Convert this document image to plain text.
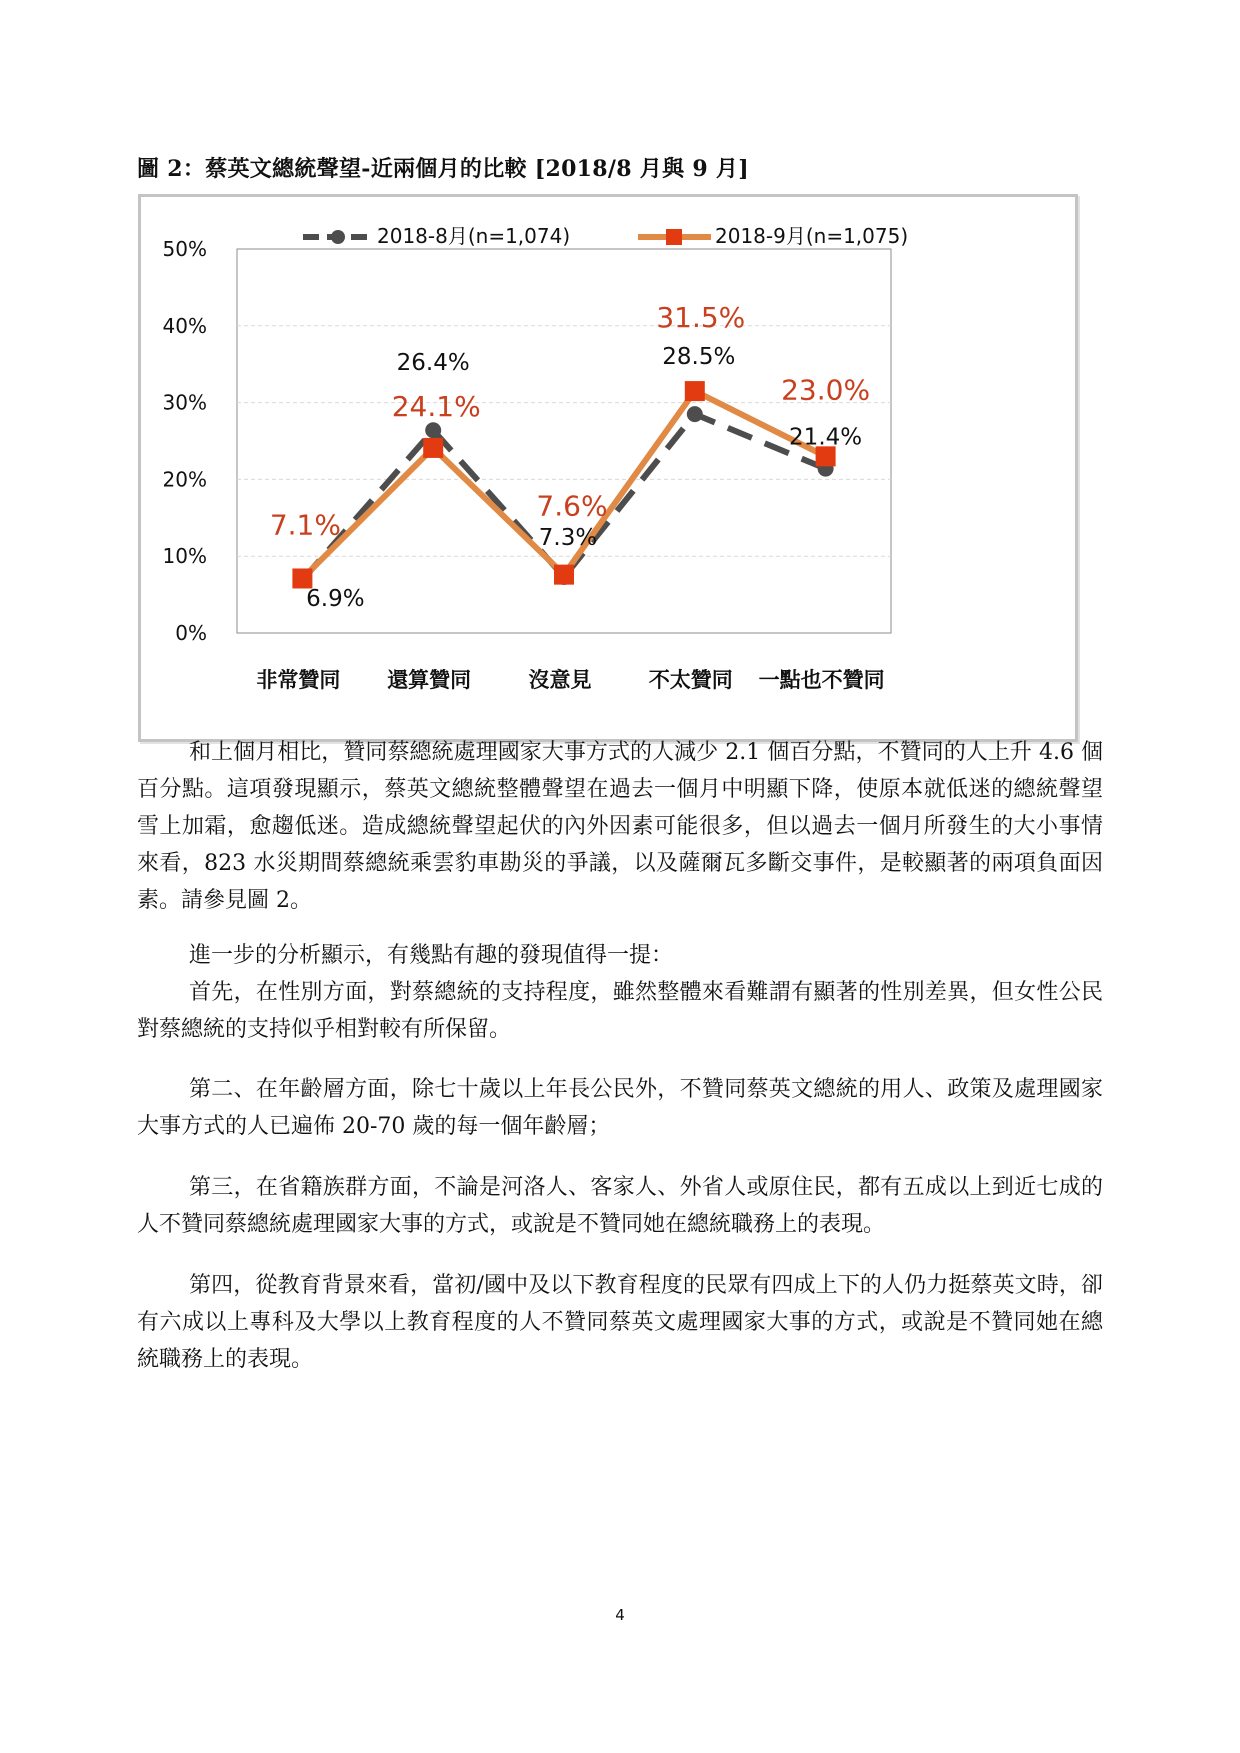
圖 2：蔡英文總統聲望-近兩個月的比較 [2018/8 月與 9 月]
0%
10%
20%
30%
40%
50%
非常贊同 還算贊同	沒意見	不太贊同 一點也不贊同
6.9%
26.4%
7.3%
28.5%
21.4%
7.1%
24.1%
7.6%
31.5%
23.0%
2018-8月(n=1,074)	2018-9月(n=1,075)

和上個月相比，贊同蔡總統處理國家大事方式的人減少 2.1 個百分點，不贊同的人上升 4.6 個百分點。這項發現顯示，蔡英文總統整體聲望在過去一個月中明顯下降，使原本就低迷的總統聲望雪上加霜，愈趨低迷。造成總統聲望起伏的內外因素可能很多，但以過去一個月所發生的大小事情來看，823 水災期間蔡總統乘雲豹車勘災的爭議，以及薩爾瓦多斷交事件，是較顯著的兩項負面因素。請參見圖 2。

進一步的分析顯示，有幾點有趣的發現值得一提：

首先，在性別方面，對蔡總統的支持程度，雖然整體來看難謂有顯著的性別差異，但女性公民對蔡總統的支持似乎相對較有所保留。

第二、在年齡層方面，除七十歲以上年長公民外，不贊同蔡英文總統的用人、政策及處理國家大事方式的人已遍佈 20-70 歲的每一個年齡層；

第三，在省籍族群方面，不論是河洛人、客家人、外省人或原住民，都有五成以上到近七成的人不贊同蔡總統處理國家大事的方式，或說是不贊同她在總統職務上的表現。

第四，從教育背景來看，當初/國中及以下教育程度的民眾有四成上下的人仍力挺蔡英文時，卻有六成以上專科及大學以上教育程度的人不贊同蔡英文處理國家大事的方式，或說是不贊同她在總統職務上的表現。

4
